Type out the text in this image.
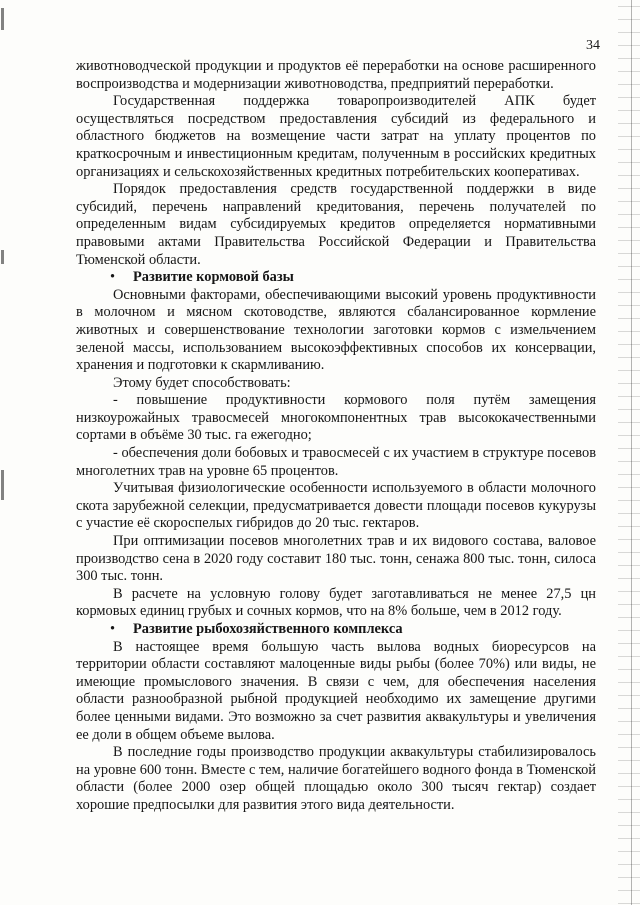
34

животноводческой продукции и продуктов её переработки на основе расширенного воспроизводства и модернизации животноводства, предприятий переработки.

Государственная поддержка товаропроизводителей АПК будет осуществляться посредством предоставления субсидий из федерального и областного бюджетов на возмещение части затрат на уплату процентов по краткосрочным и инвестиционным кредитам, полученным в российских кредитных организациях и сельскохозяйственных кредитных потребительских кооперативах.

Порядок предоставления средств государственной поддержки в виде субсидий, перечень направлений кредитования, перечень получателей по определенным видам субсидируемых кредитов определяется нормативными правовыми актами Правительства Российской Федерации и Правительства Тюменской области.

•	Развитие кормовой базы

Основными факторами, обеспечивающими высокий уровень продуктивности в молочном и мясном скотоводстве, являются сбалансированное кормление животных и совершенствование технологии заготовки кормов с измельчением зеленой массы, использованием высокоэффективных способов их консервации, хранения и подготовки к скармливанию.

Этому будет способствовать:

- повышение продуктивности кормового поля путём замещения низкоурожайных травосмесей многокомпонентных трав высококачественными сортами в объёме 30 тыс. га ежегодно;

- обеспечения доли бобовых и травосмесей с их участием в структуре посевов многолетних трав на уровне 65 процентов.

Учитывая физиологические особенности используемого в области молочного скота зарубежной селекции, предусматривается довести площади посевов кукурузы с участие её скороспелых гибридов до 20 тыс. гектаров.

При оптимизации посевов многолетних трав и их видового состава, валовое производство сена в 2020 году составит 180 тыс. тонн, сенажа 800 тыс. тонн, силоса 300 тыс. тонн.

В расчете на условную голову будет заготавливаться не менее 27,5 цн кормовых единиц грубых и сочных кормов, что на 8% больше, чем в 2012 году.

•	Развитие рыбохозяйственного комплекса

В настоящее время большую часть вылова водных биоресурсов на территории области составляют малоценные виды рыбы (более 70%) или виды, не имеющие промыслового значения. В связи с чем, для обеспечения населения области разнообразной рыбной продукцией необходимо их замещение другими более ценными видами. Это возможно за счет развития аквакультуры и увеличения ее доли в общем объеме вылова.

В последние годы производство продукции аквакультуры стабилизировалось на уровне 600 тонн. Вместе с тем, наличие богатейшего водного фонда в Тюменской области (более 2000 озер общей площадью около 300 тысяч гектар) создает хорошие предпосылки для развития этого вида деятельности.
